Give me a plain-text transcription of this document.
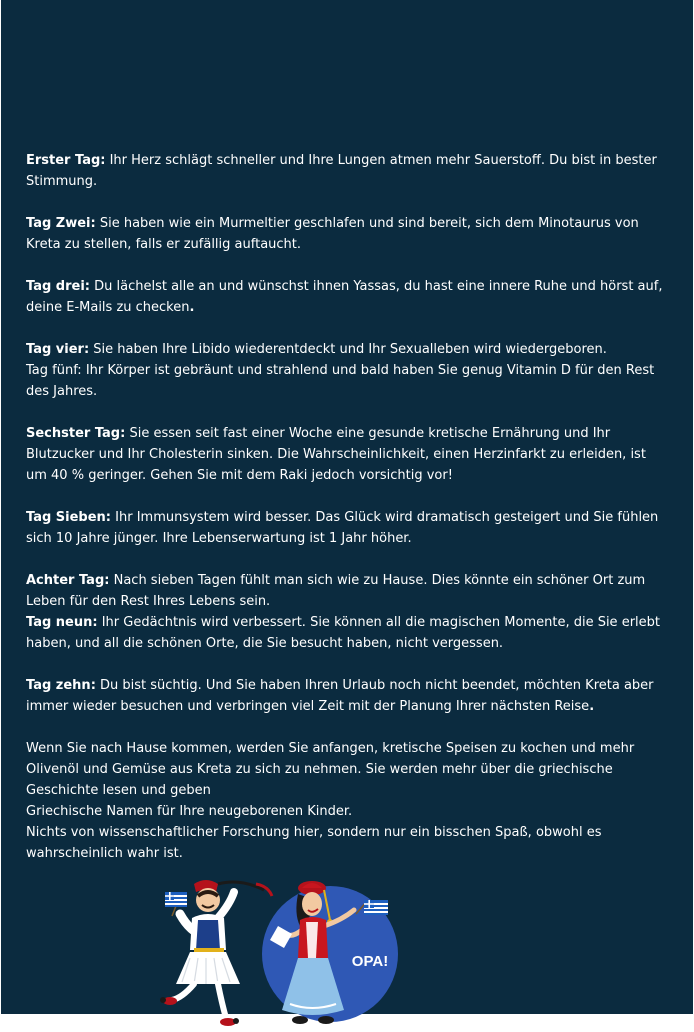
Erster Tag: Ihr Herz schlägt schneller und Ihre Lungen atmen mehr Sauerstoff. Du bist in bester Stimmung.

Tag Zwei: Sie haben wie ein Murmeltier geschlafen und sind bereit, sich dem Minotaurus von Kreta zu stellen, falls er zufällig auftaucht.

Tag drei: Du lächelst alle an und wünschst ihnen Yassas, du hast eine innere Ruhe und hörst auf, deine E-Mails zu checken.

Tag vier: Sie haben Ihre Libido wiederentdeckt und Ihr Sexualleben wird wiedergeboren.
Tag fünf: Ihr Körper ist gebräunt und strahlend und bald haben Sie genug Vitamin D für den Rest des Jahres.

Sechster Tag: Sie essen seit fast einer Woche eine gesunde kretische Ernährung und Ihr Blutzucker und Ihr Cholesterin sinken. Die Wahrscheinlichkeit, einen Herzinfarkt zu erleiden, ist um 40 % geringer. Gehen Sie mit dem Raki jedoch vorsichtig vor!

Tag Sieben: Ihr Immunsystem wird besser. Das Glück wird dramatisch gesteigert und Sie fühlen sich 10 Jahre jünger. Ihre Lebenserwartung ist 1 Jahr höher.

Achter Tag: Nach sieben Tagen fühlt man sich wie zu Hause. Dies könnte ein schöner Ort zum Leben für den Rest Ihres Lebens sein.
Tag neun: Ihr Gedächtnis wird verbessert. Sie können all die magischen Momente, die Sie erlebt haben, und all die schönen Orte, die Sie besucht haben, nicht vergessen.

Tag zehn: Du bist süchtig. Und Sie haben Ihren Urlaub noch nicht beendet, möchten Kreta aber immer wieder besuchen und verbringen viel Zeit mit der Planung Ihrer nächsten Reise.

Wenn Sie nach Hause kommen, werden Sie anfangen, kretische Speisen zu kochen und mehr Olivenöl und Gemüse aus Kreta zu sich zu nehmen. Sie werden mehr über die griechische Geschichte lesen und geben
Griechische Namen für Ihre neugeborenen Kinder.
Nichts von wissenschaftlicher Forschung hier, sondern nur ein bisschen Spaß, obwohl es wahrscheinlich wahr ist.

OPA!
